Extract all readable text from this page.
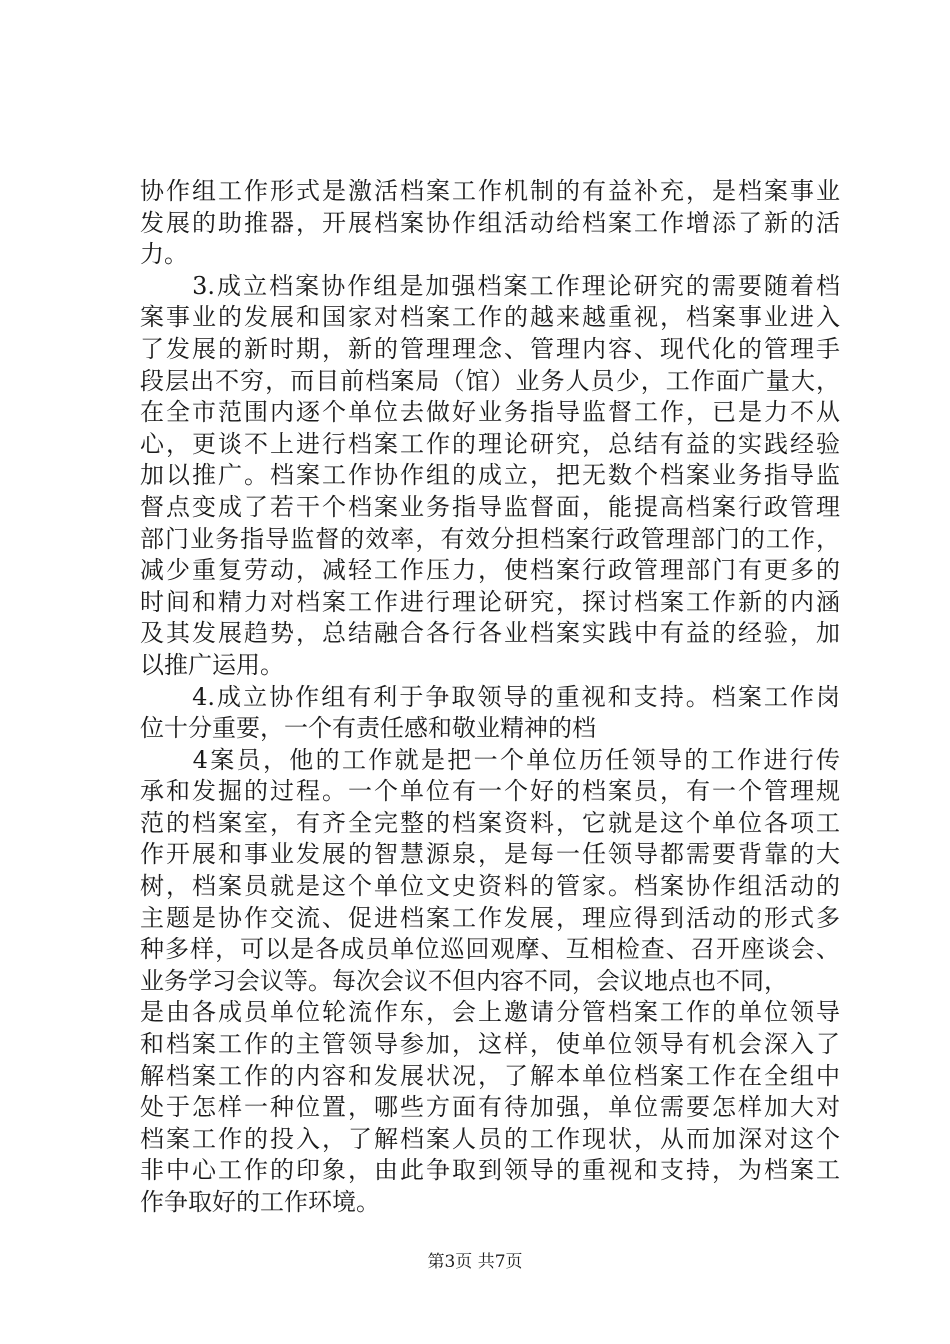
协作组工作形式是激活档案工作机制的有益补充，是档案事业
发展的助推器，开展档案协作组活动给档案工作增添了新的活
力。
　　3.成立档案协作组是加强档案工作理论研究的需要随着档
案事业的发展和国家对档案工作的越来越重视，档案事业进入
了发展的新时期，新的管理理念、管理内容、现代化的管理手
段层出不穷，而目前档案局（馆）业务人员少，工作面广量大，
在全市范围内逐个单位去做好业务指导监督工作，已是力不从
心，更谈不上进行档案工作的理论研究，总结有益的实践经验
加以推广。档案工作协作组的成立，把无数个档案业务指导监
督点变成了若干个档案业务指导监督面，能提高档案行政管理
部门业务指导监督的效率，有效分担档案行政管理部门的工作，
减少重复劳动，减轻工作压力，使档案行政管理部门有更多的
时间和精力对档案工作进行理论研究，探讨档案工作新的内涵
及其发展趋势，总结融合各行各业档案实践中有益的经验，加
以推广运用。
　　4.成立协作组有利于争取领导的重视和支持。档案工作岗
位十分重要，一个有责任感和敬业精神的档
　　4案员，他的工作就是把一个单位历任领导的工作进行传
承和发掘的过程。一个单位有一个好的档案员，有一个管理规
范的档案室，有齐全完整的档案资料，它就是这个单位各项工
作开展和事业发展的智慧源泉，是每一任领导都需要背靠的大
树，档案员就是这个单位文史资料的管家。档案协作组活动的
主题是协作交流、促进档案工作发展，理应得到活动的形式多
种多样，可以是各成员单位巡回观摩、互相检查、召开座谈会、
业务学习会议等。每次会议不但内容不同，会议地点也不同，
是由各成员单位轮流作东，会上邀请分管档案工作的单位领导
和档案工作的主管领导参加，这样，使单位领导有机会深入了
解档案工作的内容和发展状况，了解本单位档案工作在全组中
处于怎样一种位置，哪些方面有待加强，单位需要怎样加大对
档案工作的投入，了解档案人员的工作现状，从而加深对这个
非中心工作的印象，由此争取到领导的重视和支持，为档案工
作争取好的工作环境。
第3页 共7页
